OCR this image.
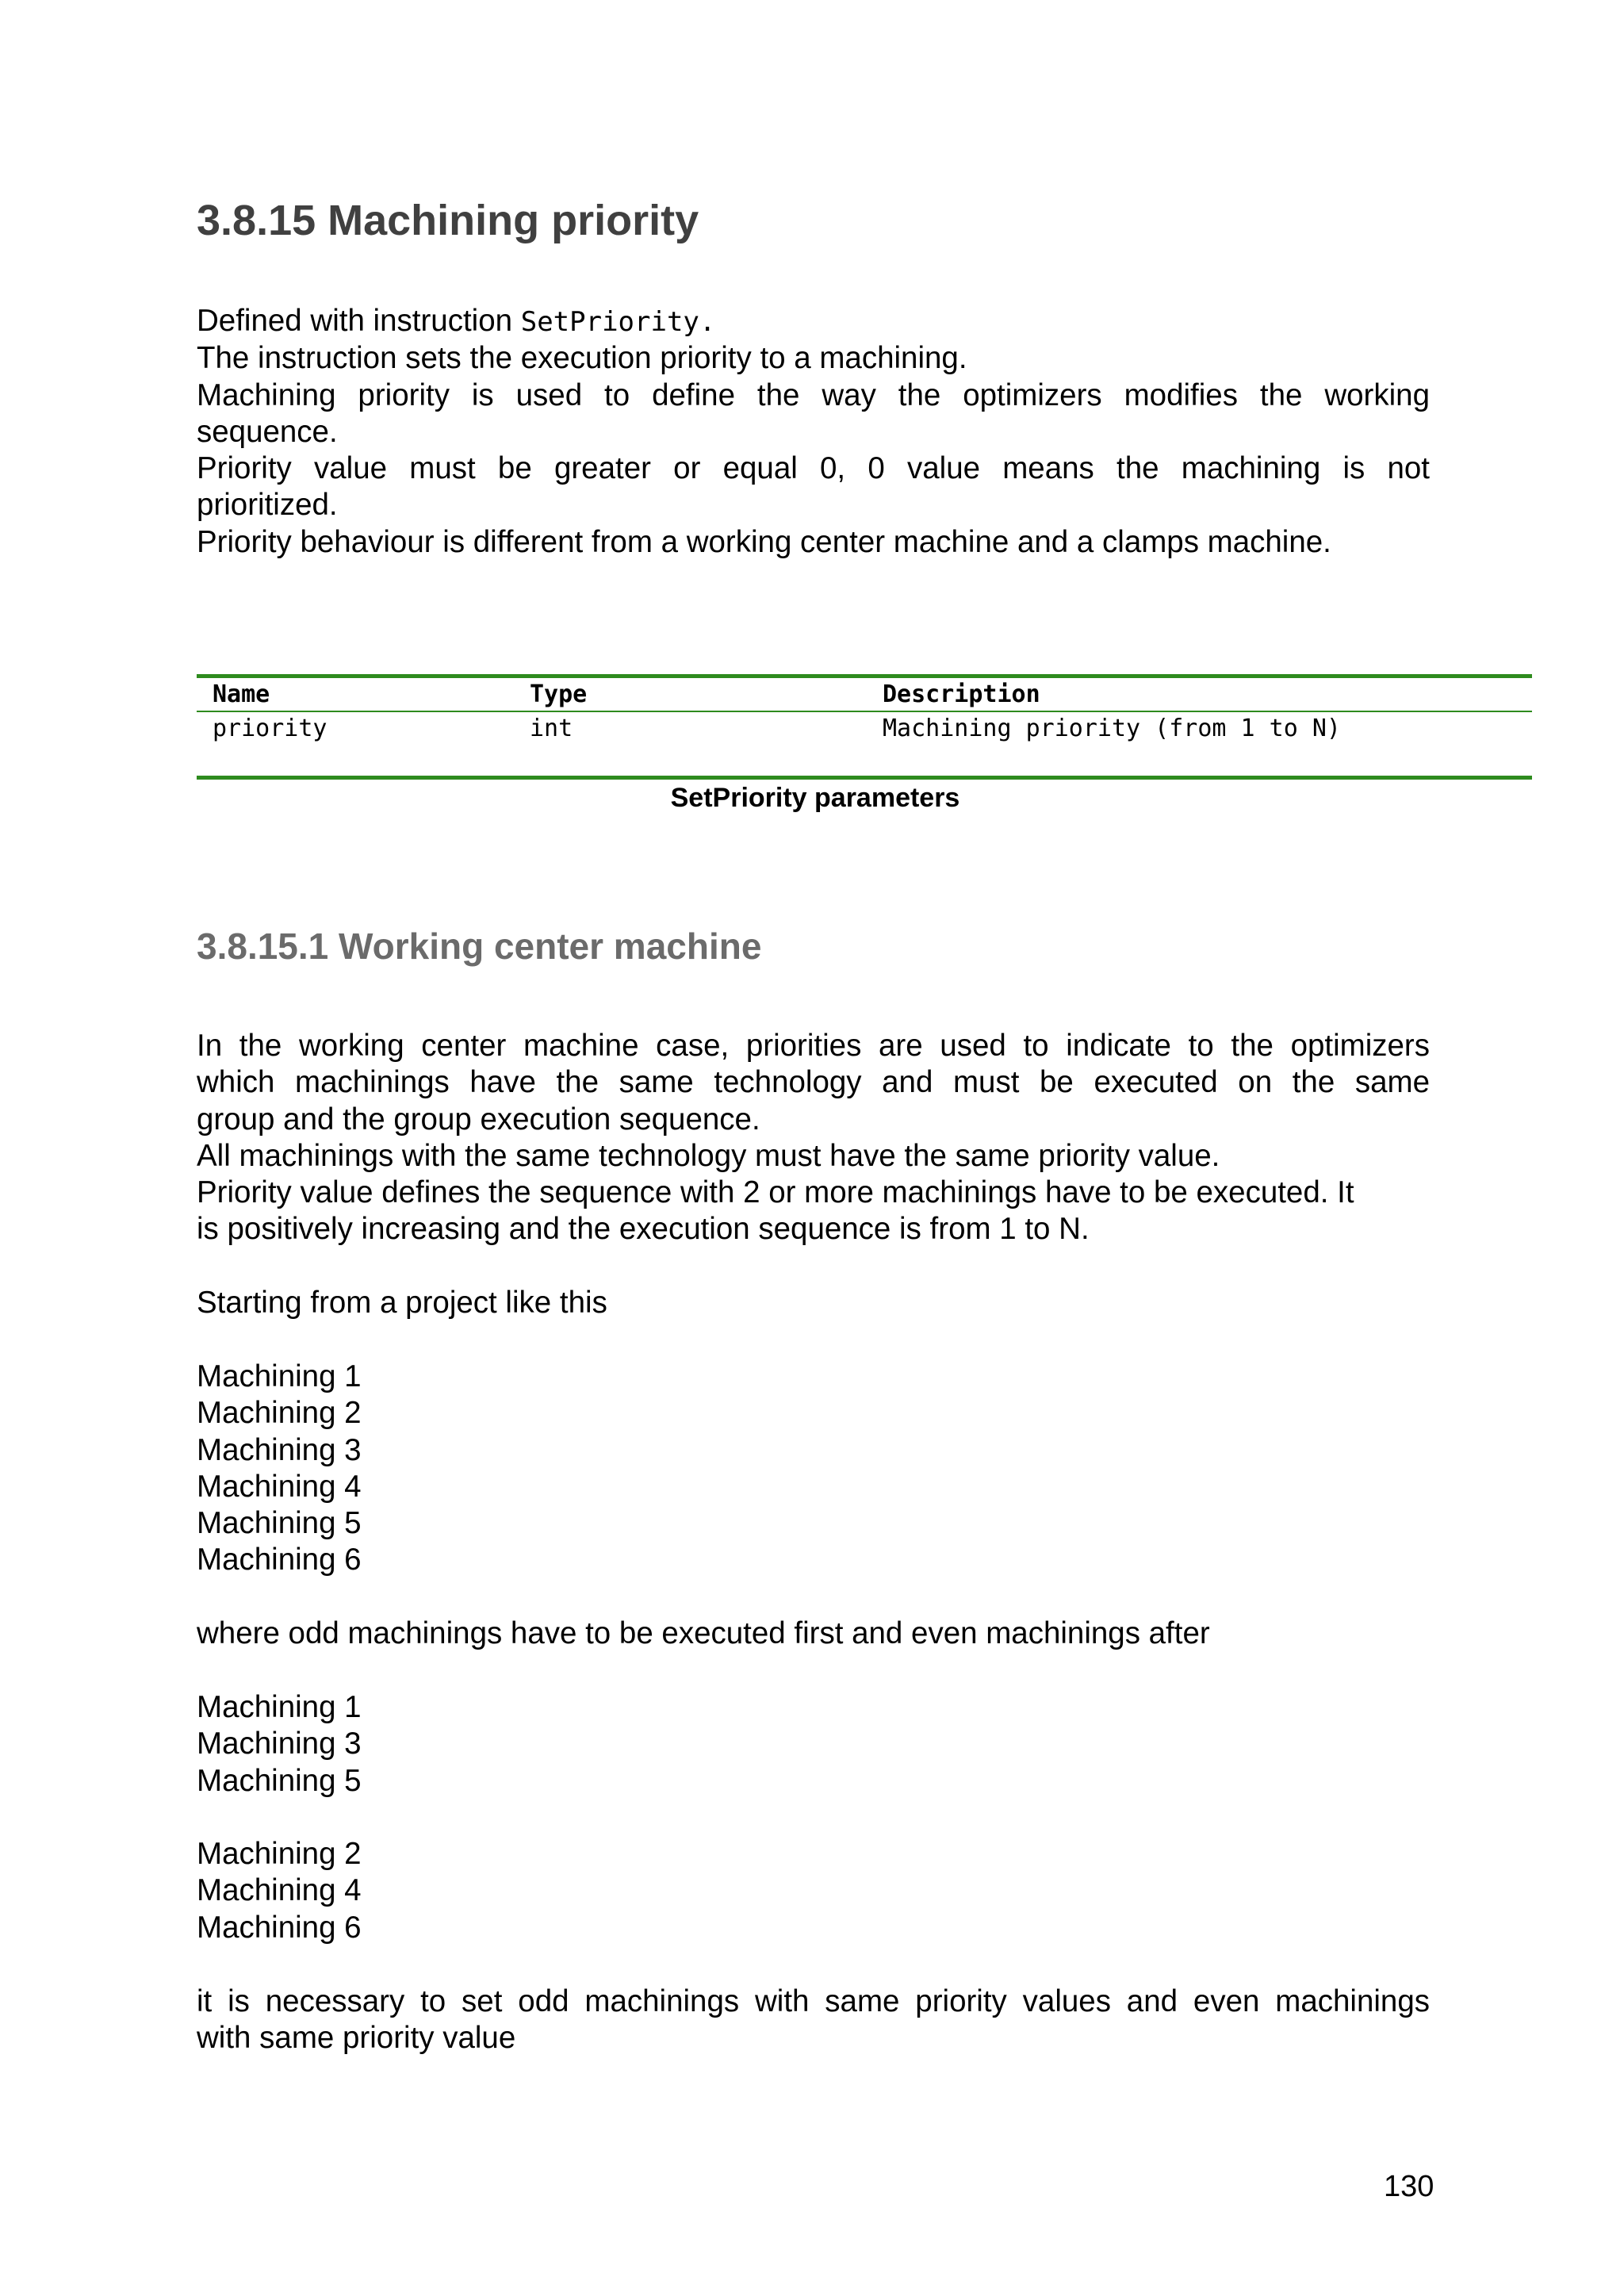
3.8.15 Machining priority
Defined with instruction SetPriority.
The instruction sets the execution priority to a machining.
Machining priority is used to define the way the optimizers modifies the working
sequence.
Priority value must be greater or equal 0, 0 value means the machining is not
prioritized.
Priority behaviour is different from a working center machine and a clamps machine.
Name	Type	Description
priority	int	Machining priority (from 1 to N)
SetPriority parameters
3.8.15.1 Working center machine
In the working center machine case, priorities are used to indicate to the optimizers
which machinings have the same technology and must be executed on the same
group and the group execution sequence.
All machinings with the same technology must have the same priority value.
Priority value defines the sequence with 2 or more machinings have to be executed. It
is positively increasing and the execution sequence is from 1 to N.
Starting from a project like this
Machining 1
Machining 2
Machining 3
Machining 4
Machining 5
Machining 6
where odd machinings have to be executed first and even machinings after
Machining 1
Machining 3
Machining 5
Machining 2
Machining 4
Machining 6
it is necessary to set odd machinings with same priority values and even machinings
with same priority value
130
